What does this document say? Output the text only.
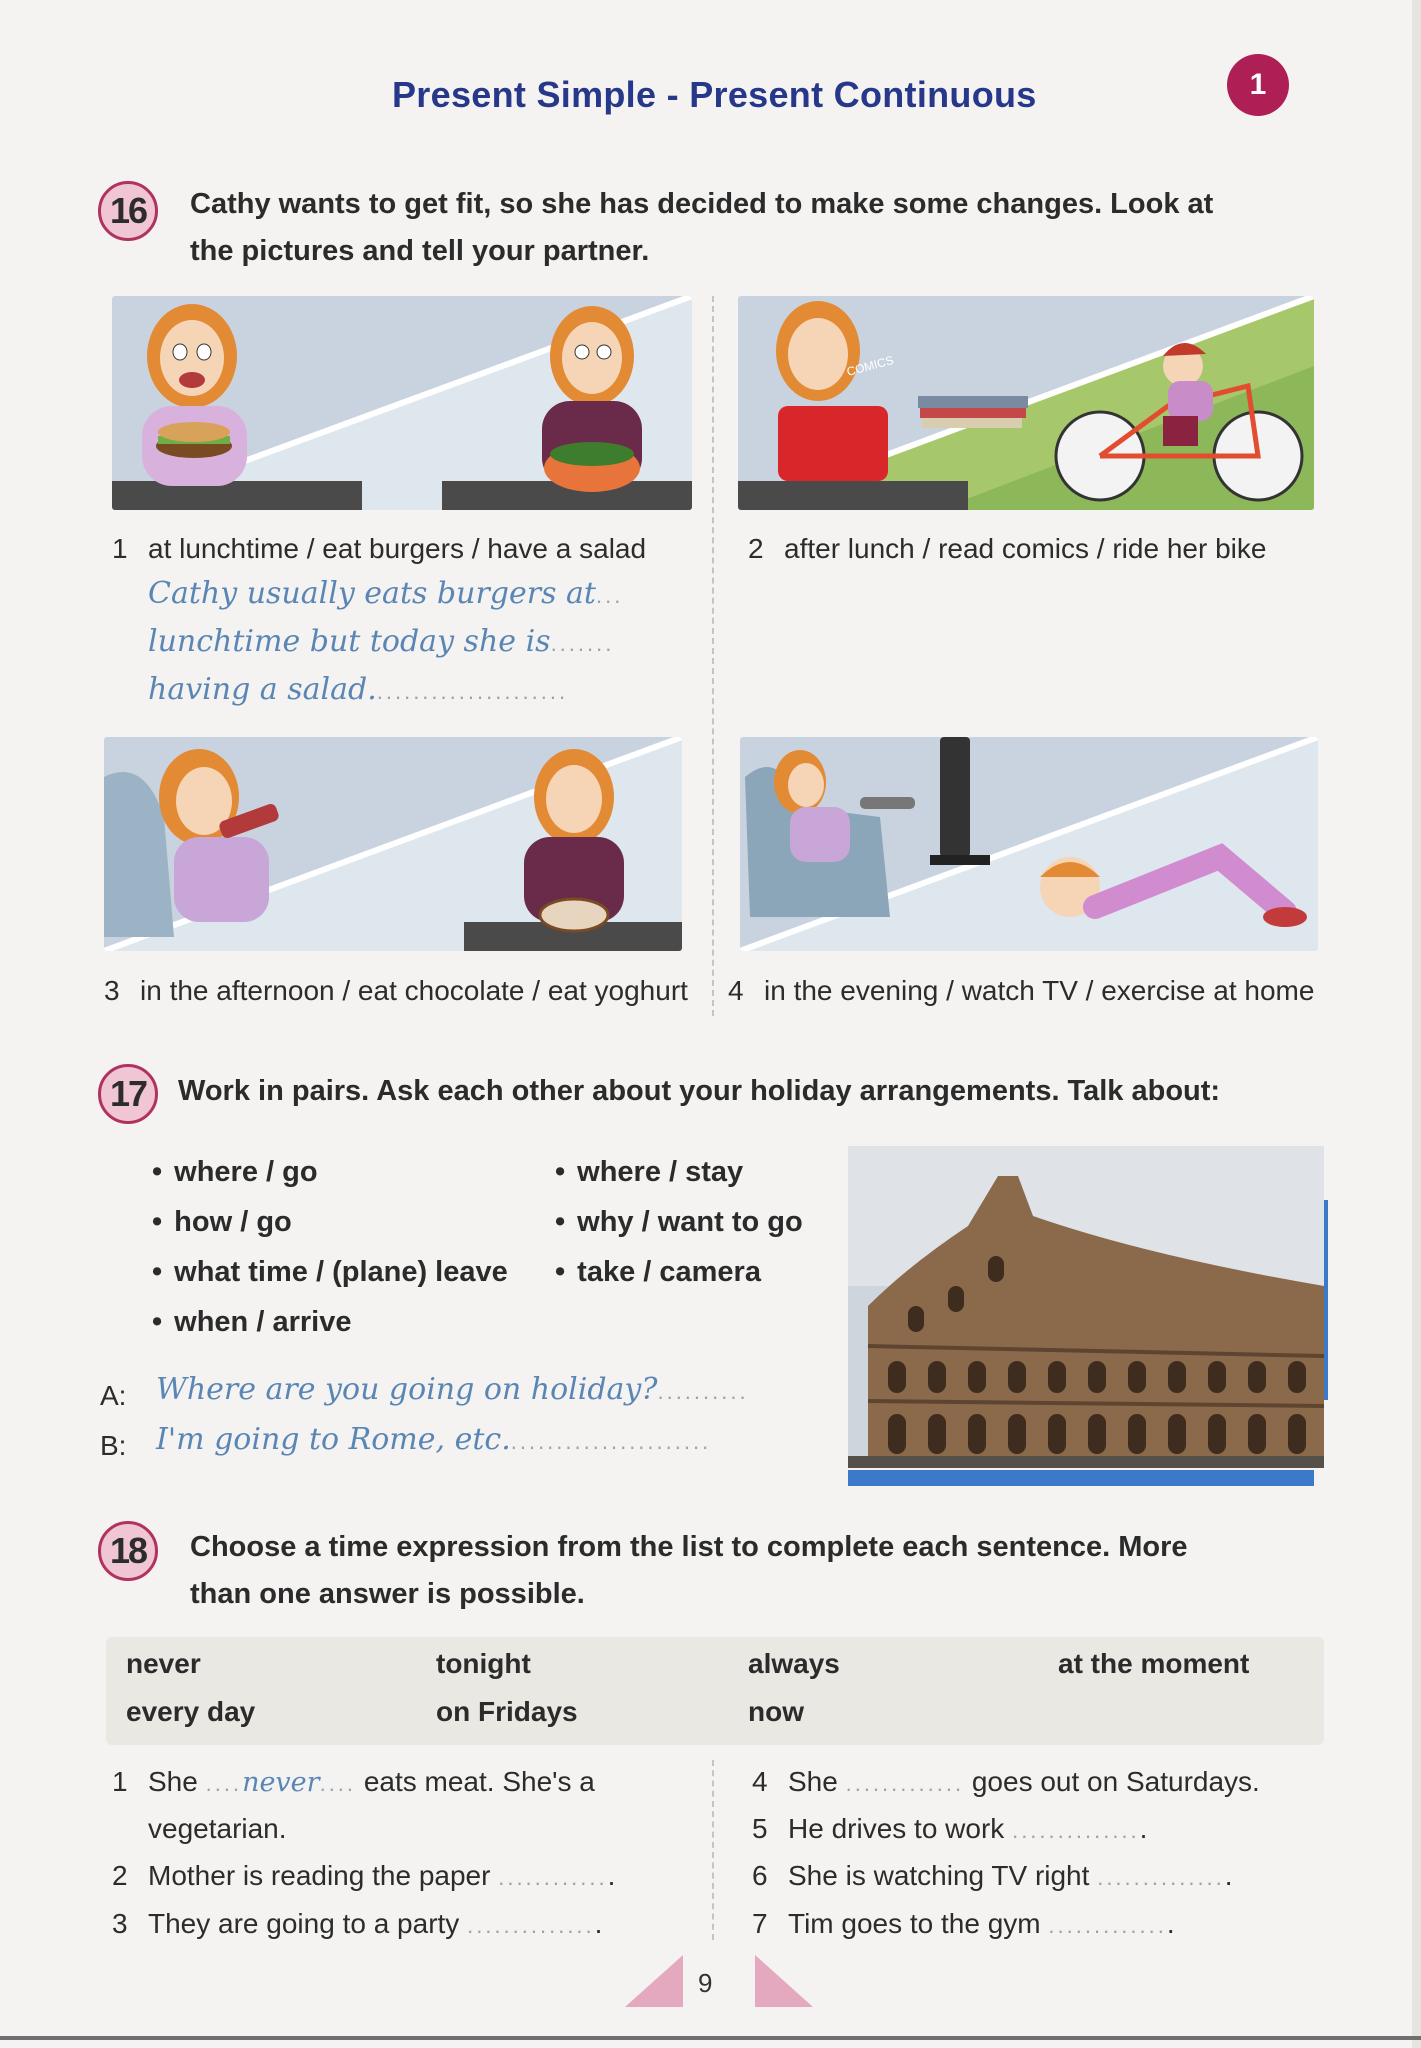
Present Simple - Present Continuous	1
16	Cathy wants to get fit, so she has decided to make some changes. Look at
the pictures and tell your partner.
COMICS
1 at lunchtime / eat burgers / have a salad	2 after lunch / read comics / ride her bike
Cathy usually eats burgers at...
lunchtime but today she is.......
having a salad......................
3 in the afternoon / eat chocolate / eat yoghurt 4 in the evening / watch TV / exercise at home
17	Work in pairs. Ask each other about your holiday arrangements. Talk about:
• where / go
• how / go
• what time / (plane) leave
• when / arrive
• where / stay
• why / want to go
• take / camera
A: Where are you going on holiday?..........
B: I'm going to Rome, etc.......................
18	Choose a time expression from the list to complete each sentence. More
than one answer is possible.
never	tonight	always	at the moment
every day	on Fridays	now
1 She ....never.... eats meat. She's a
vegetarian.
2 Mother is reading the paper .............
3 They are going to a party ...............
4 She ............. goes out on Saturdays.
5 He drives to work ...............
6 She is watching TV right ...............
7 Tim goes to the gym ..............
9
